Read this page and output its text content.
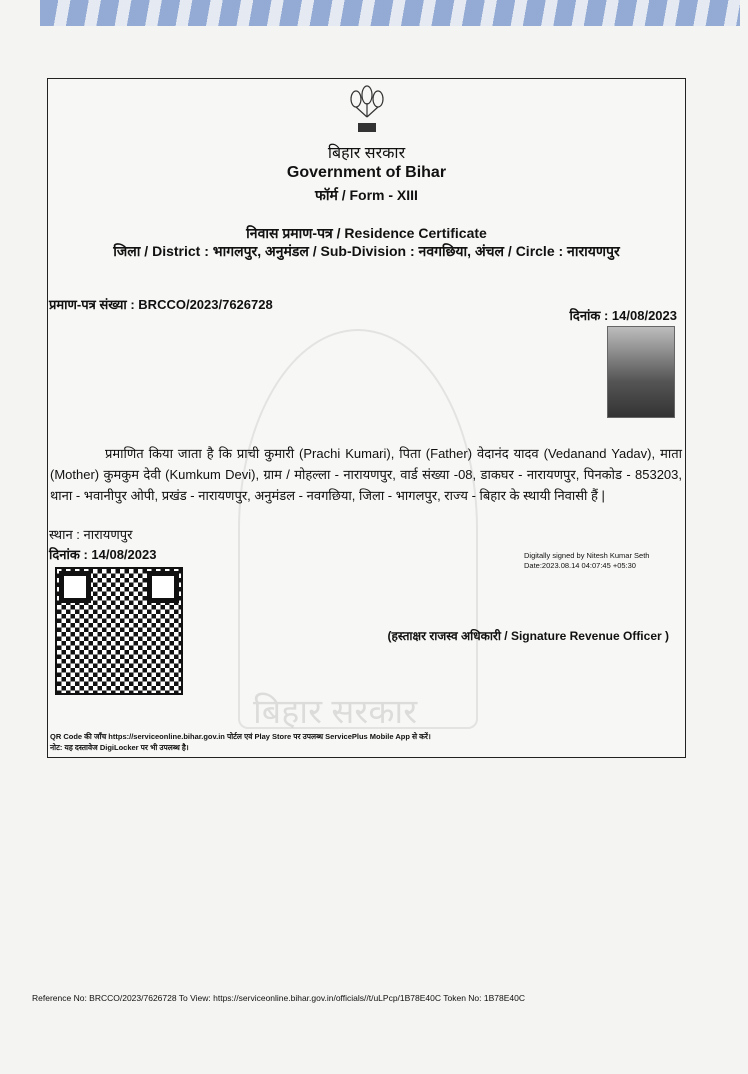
बिहार सरकार
बिहार सरकार
Government of Bihar
फॉर्म / Form - XIII
निवास प्रमाण-पत्र / Residence Certificate
जिला / District : भागलपुर, अनुमंडल / Sub-Division : नवगछिया, अंचल / Circle : नारायणपुर
प्रमाण-पत्र संख्या : BRCCO/2023/7626728
दिनांक : 14/08/2023
प्रमाणित किया जाता है कि प्राची कुमारी (Prachi Kumari), पिता (Father) वेदानंद यादव (Vedanand Yadav), माता (Mother) कुमकुम देवी (Kumkum Devi), ग्राम / मोहल्ला - नारायणपुर, वार्ड संख्या -08, डाकघर - नारायणपुर, पिनकोड - 853203, थाना - भवानीपुर ओपी, प्रखंड - नारायणपुर, अनुमंडल - नवगछिया, जिला - भागलपुर, राज्य - बिहार के स्थायी निवासी हैं |
स्थान : नारायणपुर
दिनांक : 14/08/2023	Digitally signed by Nitesh Kumar Seth
Date:2023.08.14 04:07:45 +05:30
(हस्ताक्षर राजस्व अधिकारी / Signature Revenue Officer )
QR Code की जाँच https://serviceonline.bihar.gov.in पोर्टल एवं Play Store पर उपलब्ध ServicePlus Mobile App से करें।
नोट: यह दस्तावेज DigiLocker पर भी उपलब्ध है।
Reference No: BRCCO/2023/7626728 To View: https://serviceonline.bihar.gov.in/officials//t/uLPcp/1B78E40C Token No: 1B78E40C
